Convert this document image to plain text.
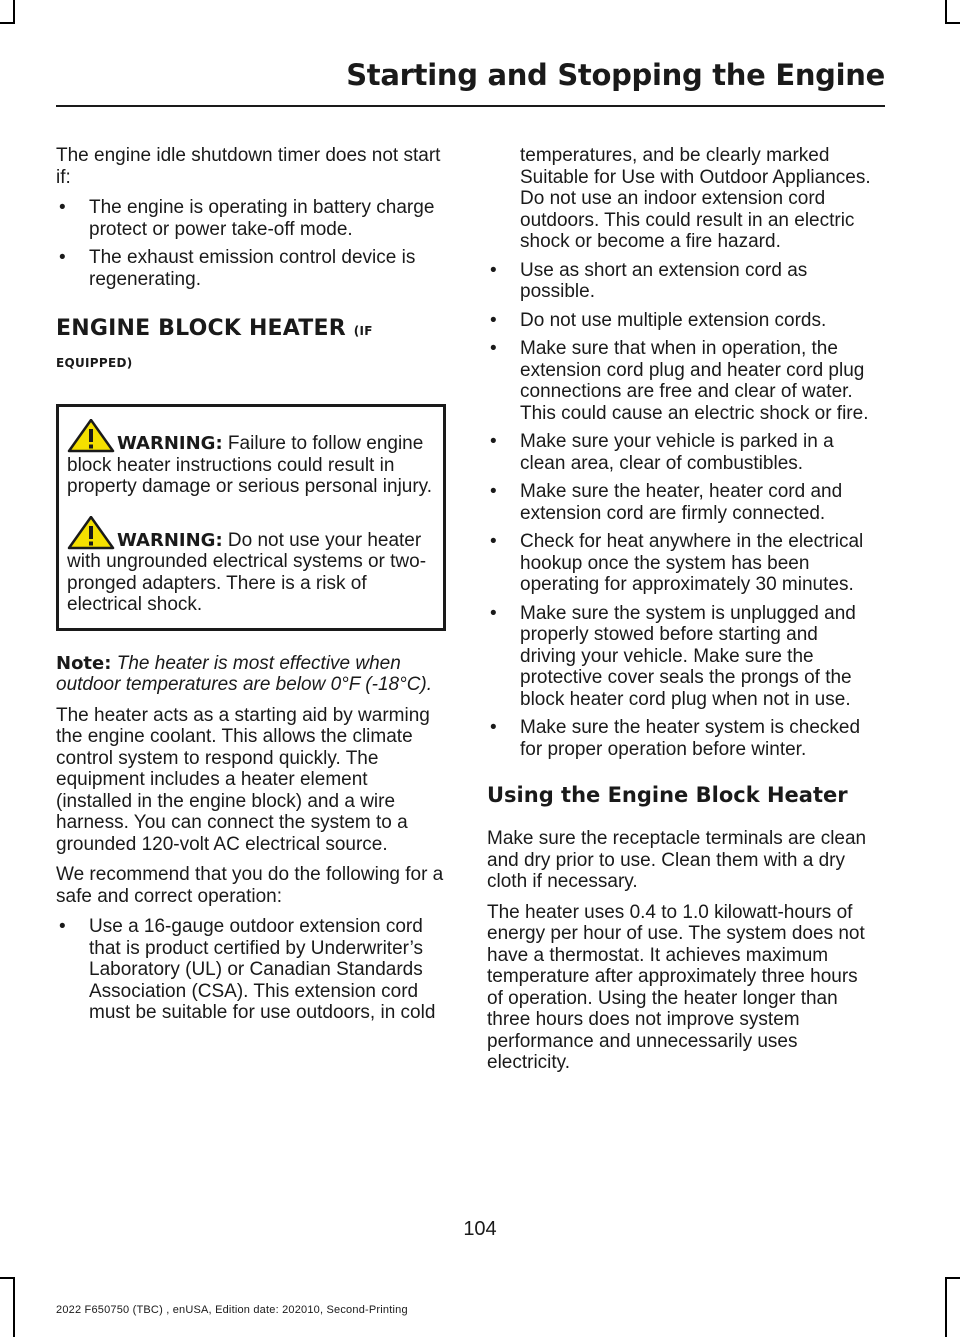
Starting and Stopping the Engine

The engine idle shutdown timer does not start if:

• The engine is operating in battery charge protect or power take-off mode.
• The exhaust emission control device is regenerating.
ENGINE BLOCK HEATER (IF EQUIPPED)

WARNING: Failure to follow engine block heater instructions could result in property damage or serious personal injury.

WARNING: Do not use your heater with ungrounded electrical systems or two-pronged adapters. There is a risk of electrical shock.

Note: The heater is most effective when outdoor temperatures are below 0°F (-18°C).

The heater acts as a starting aid by warming the engine coolant. This allows the climate control system to respond quickly. The equipment includes a heater element (installed in the engine block) and a wire harness. You can connect the system to a grounded 120-volt AC electrical source.

We recommend that you do the following for a safe and correct operation:

• Use a 16-gauge outdoor extension cord that is product certified by Underwriter’s Laboratory (UL) or Canadian Standards Association (CSA). This extension cord must be suitable for use outdoors, in cold
temperatures, and be clearly marked Suitable for Use with Outdoor Appliances. Do not use an indoor extension cord outdoors. This could result in an electric shock or become a fire hazard.
• Use as short an extension cord as possible.
• Do not use multiple extension cords.
• Make sure that when in operation, the extension cord plug and heater cord plug connections are free and clear of water. This could cause an electric shock or fire.
• Make sure your vehicle is parked in a clean area, clear of combustibles.
• Make sure the heater, heater cord and extension cord are firmly connected.
• Check for heat anywhere in the electrical hookup once the system has been operating for approximately 30 minutes.
• Make sure the system is unplugged and properly stowed before starting and driving your vehicle. Make sure the protective cover seals the prongs of the block heater cord plug when not in use.
• Make sure the heater system is checked for proper operation before winter.
Using the Engine Block Heater

Make sure the receptacle terminals are clean and dry prior to use. Clean them with a dry cloth if necessary.

The heater uses 0.4 to 1.0 kilowatt-hours of energy per hour of use. The system does not have a thermostat. It achieves maximum temperature after approximately three hours of operation. Using the heater longer than three hours does not improve system performance and unnecessarily uses electricity.

104
2022 F650750 (TBC) , enUSA, Edition date: 202010, Second-Printing
